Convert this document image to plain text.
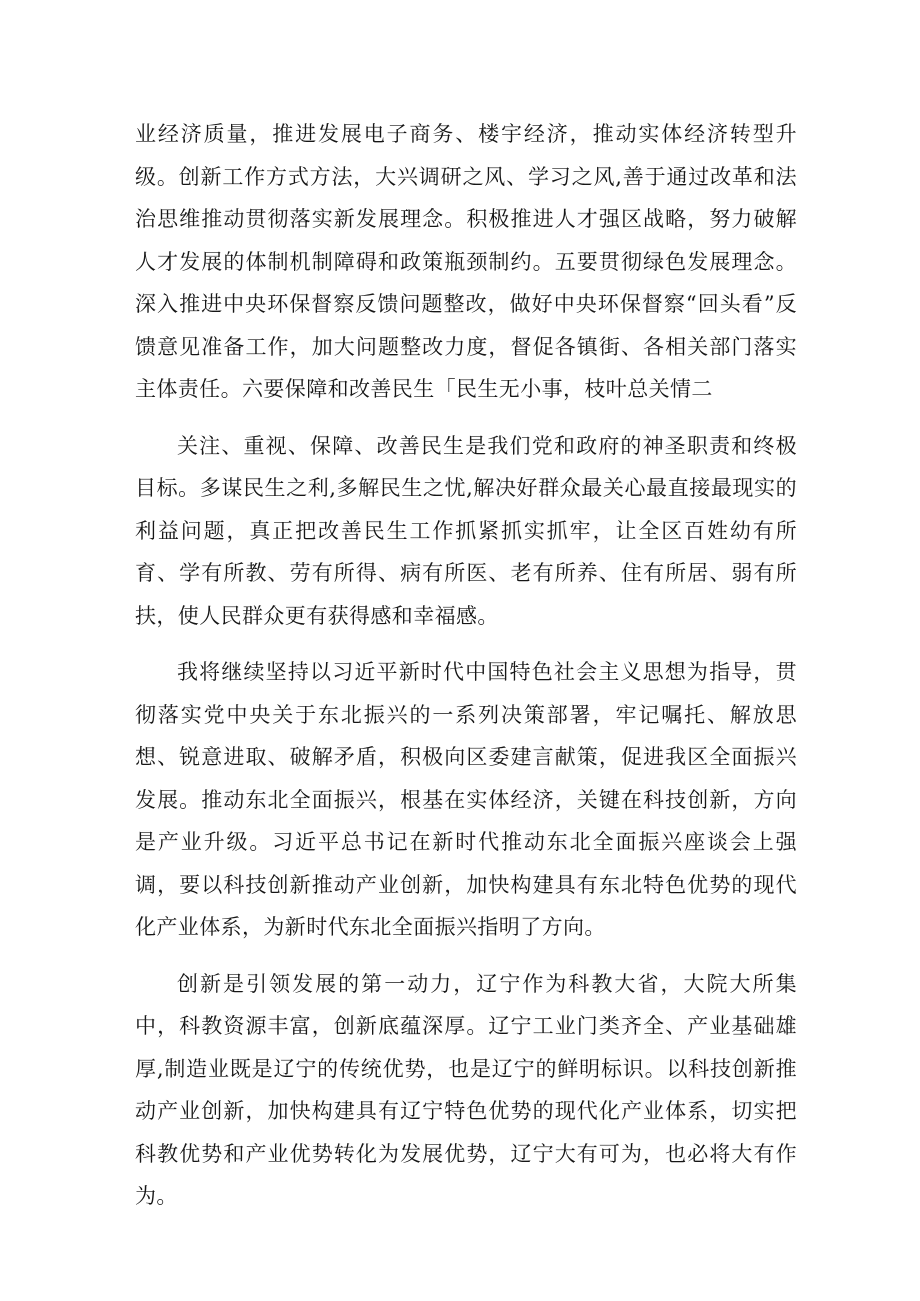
业经济质量，推进发展电子商务、楼宇经济，推动实体经济转型升级。创新工作方式方法，大兴调研之风、学习之风,善于通过改革和法治思维推动贯彻落实新发展理念。积极推进人才强区战略，努力破解人才发展的体制机制障碍和政策瓶颈制约。五要贯彻绿色发展理念。深入推进中央环保督察反馈问题整改，做好中央环保督察“回头看”反馈意见准备工作，加大问题整改力度，督促各镇街、各相关部门落实主体责任。六要保障和改善民生「民生无小事，枝叶总关情二

关注、重视、保障、改善民生是我们党和政府的神圣职责和终极目标。多谋民生之利,多解民生之忧,解决好群众最关心最直接最现实的利益问题，真正把改善民生工作抓紧抓实抓牢，让全区百姓幼有所育、学有所教、劳有所得、病有所医、老有所养、住有所居、弱有所扶，使人民群众更有获得感和幸福感。

我将继续坚持以习近平新时代中国特色社会主义思想为指导，贯彻落实党中央关于东北振兴的一系列决策部署，牢记嘱托、解放思想、锐意进取、破解矛盾，积极向区委建言献策，促进我区全面振兴发展。推动东北全面振兴，根基在实体经济，关键在科技创新，方向是产业升级。习近平总书记在新时代推动东北全面振兴座谈会上强调，要以科技创新推动产业创新，加快构建具有东北特色优势的现代化产业体系，为新时代东北全面振兴指明了方向。

创新是引领发展的第一动力，辽宁作为科教大省，大院大所集中，科教资源丰富，创新底蕴深厚。辽宁工业门类齐全、产业基础雄厚,制造业既是辽宁的传统优势，也是辽宁的鲜明标识。以科技创新推动产业创新，加快构建具有辽宁特色优势的现代化产业体系，切实把科教优势和产业优势转化为发展优势，辽宁大有可为，也必将大有作为。
